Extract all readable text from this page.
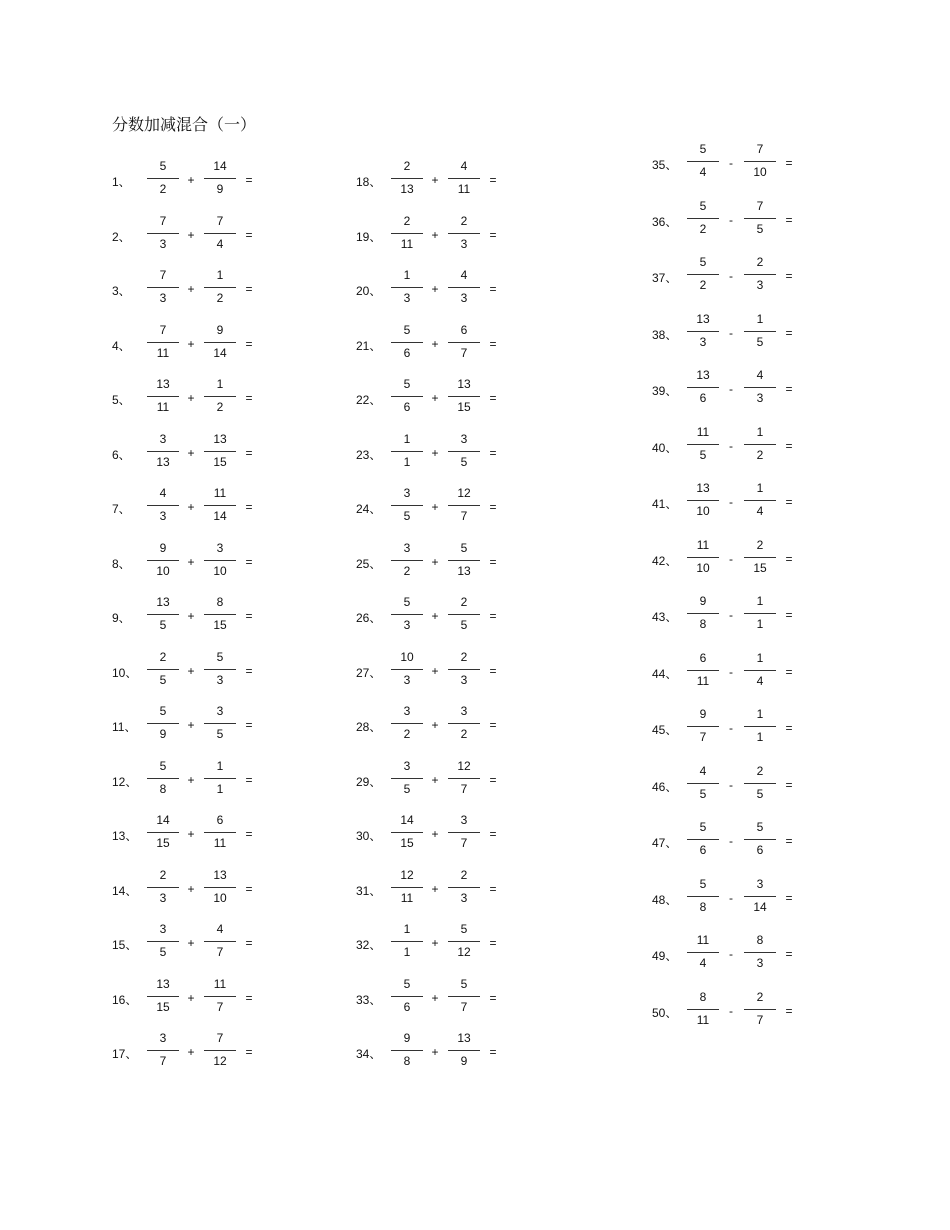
分数加减混合（一）
1、
5
2
+
14
9
=
2、
7
3
+
7
4
=
3、
7
3
+
1
2
=
4、
7
11
+
9
14
=
5、
13
11
+
1
2
=
6、
3
13
+
13
15
=
7、
4
3
+
11
14
=
8、
9
10
+
3
10
=
9、
13
5
+
8
15
=
10、
2
5
+
5
3
=
11、
5
9
+
3
5
=
12、
5
8
+
1
1
=
13、
14
15
+
6
11
=
14、
2
3
+
13
10
=
15、
3
5
+
4
7
=
16、
13
15
+
11
7
=
17、
3
7
+
7
12
=
18、
2
13
+
4
11
=
19、
2
11
+
2
3
=
20、
1
3
+
4
3
=
21、
5
6
+
6
7
=
22、
5
6
+
13
15
=
23、
1
1
+
3
5
=
24、
3
5
+
12
7
=
25、
3
2
+
5
13
=
26、
5
3
+
2
5
=
27、
10
3
+
2
3
=
28、
3
2
+
3
2
=
29、
3
5
+
12
7
=
30、
14
15
+
3
7
=
31、
12
11
+
2
3
=
32、
1
1
+
5
12
=
33、
5
6
+
5
7
=
34、
9
8
+
13
9
=
35、
5
4
-
7
10
=
36、
5
2
-
7
5
=
37、
5
2
-
2
3
=
38、
13
3
-
1
5
=
39、
13
6
-
4
3
=
40、
11
5
-
1
2
=
41、
13
10
-
1
4
=
42、
11
10
-
2
15
=
43、
9
8
-
1
1
=
44、
6
11
-
1
4
=
45、
9
7
-
1
1
=
46、
4
5
-
2
5
=
47、
5
6
-
5
6
=
48、
5
8
-
3
14
=
49、
11
4
-
8
3
=
50、
8
11
-
2
7
=
